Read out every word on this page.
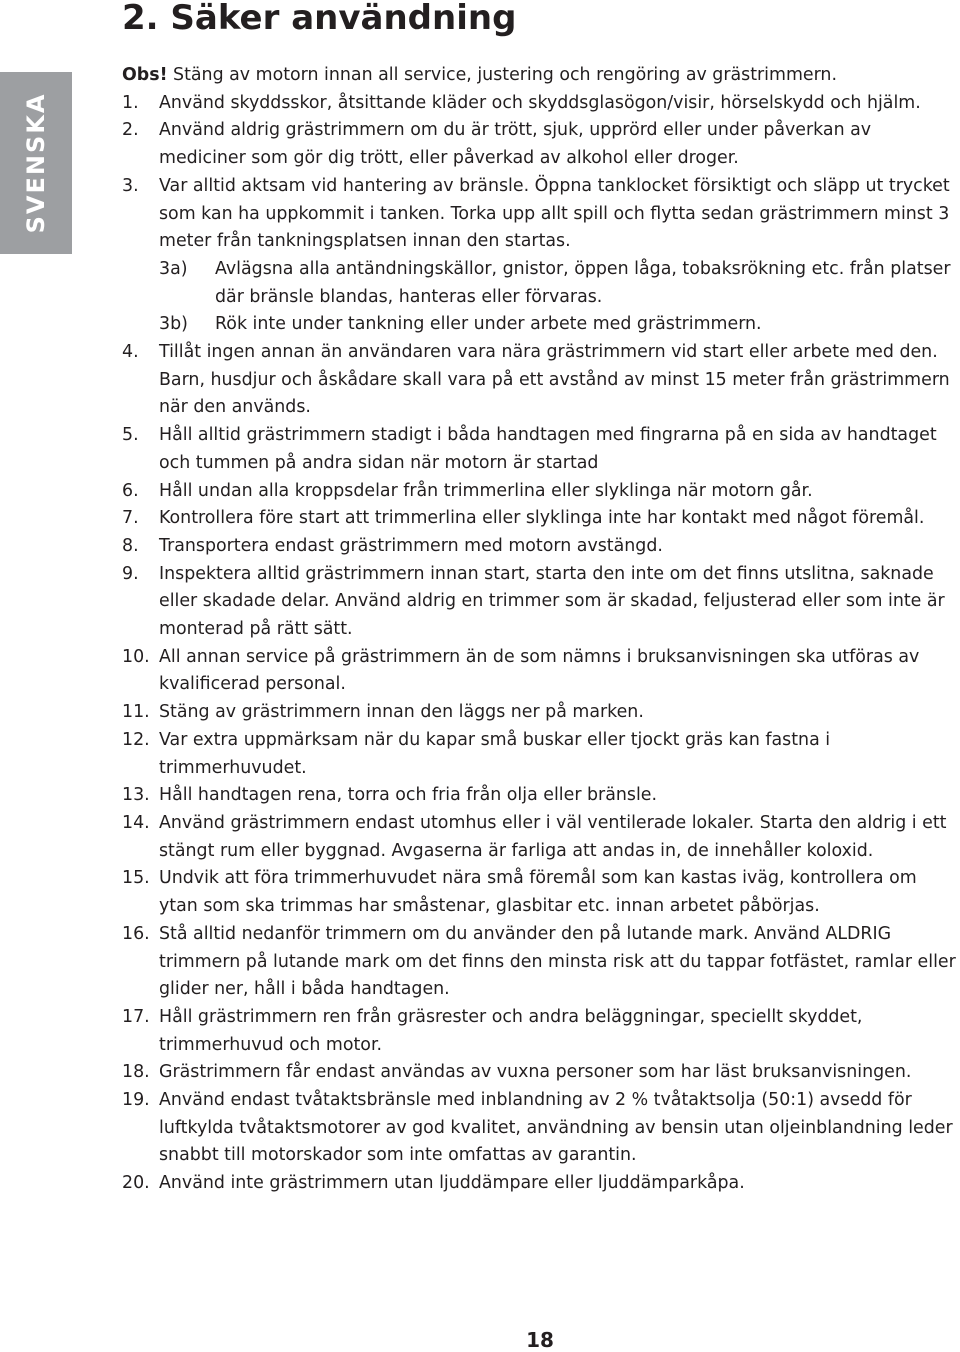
SVENSKA
2. Säker användning

Obs! Stäng av motorn innan all service, justering och rengöring av grästrimmern.

1.	Använd skyddsskor, åtsittande kläder och skyddsglasögon/visir, hörselskydd och hjälm.
2.	Använd aldrig grästrimmern om du är trött, sjuk, upprörd eller under påverkan av mediciner som gör dig trött, eller påverkad av alkohol eller droger.
3.	Var alltid aktsam vid hantering av bränsle. Öppna tanklocket försiktigt och släpp ut trycket som kan ha uppkommit i tanken. Torka upp allt spill och flytta sedan grästrimmern minst 3 meter från tankningsplatsen innan den startas.
3a)	Avlägsna alla antändningskällor, gnistor, öppen låga, tobaksrökning etc. från platser där bränsle blandas, hanteras eller förvaras.
3b)	Rök inte under tankning eller under arbete med grästrimmern.
4.	Tillåt ingen annan än användaren vara nära grästrimmern vid start eller arbete med den. Barn, husdjur och åskådare skall vara på ett avstånd av minst 15 meter från grästrimmern när den används.
5.	Håll alltid grästrimmern stadigt i båda handtagen med fingrarna på en sida av handtaget och tummen på andra sidan när motorn är startad
6.	Håll undan alla kroppsdelar från trimmerlina eller slyklinga när motorn går.
7.	Kontrollera före start att trimmerlina eller slyklinga inte har kontakt med något föremål.
8.	Transportera endast grästrimmern med motorn avstängd.
9.	Inspektera alltid grästrimmern innan start, starta den inte om det finns utslitna, saknade eller skadade delar. Använd aldrig en trimmer som är skadad, feljusterad eller som inte är monterad på rätt sätt.
10. All annan service på grästrimmern än de som nämns i bruksanvisningen ska utföras av kvalificerad personal.
11. Stäng av grästrimmern innan den läggs ner på marken.
12. Var extra uppmärksam när du kapar små buskar eller tjockt gräs kan fastna i trimmerhuvudet.
13. Håll handtagen rena, torra och fria från olja eller bränsle.
14. Använd grästrimmern endast utomhus eller i väl ventilerade lokaler. Starta den aldrig i ett stängt rum eller byggnad. Avgaserna är farliga att andas in, de innehåller koloxid.
15. Undvik att föra trimmerhuvudet nära små föremål som kan kastas iväg, kontrollera om ytan som ska trimmas har småstenar, glasbitar etc. innan arbetet påbörjas.
16. Stå alltid nedanför trimmern om du använder den på lutande mark. Använd ALDRIG trimmern på lutande mark om det finns den minsta risk att du tappar fotfästet, ramlar eller glider ner, håll i båda handtagen.
17. Håll grästrimmern ren från gräsrester och andra beläggningar, speciellt skyddet, trimmerhuvud och motor.
18. Grästrimmern får endast användas av vuxna personer som har läst bruksanvisningen.
19. Använd endast tvåtaktsbränsle med inblandning av 2 % tvåtaktsolja (50:1) avsedd för luftkylda tvåtaktsmotorer av god kvalitet, användning av bensin utan oljeinblandning leder snabbt till motorskador som inte omfattas av garantin.
20. Använd inte grästrimmern utan ljuddämpare eller ljuddämparkåpa.
18
